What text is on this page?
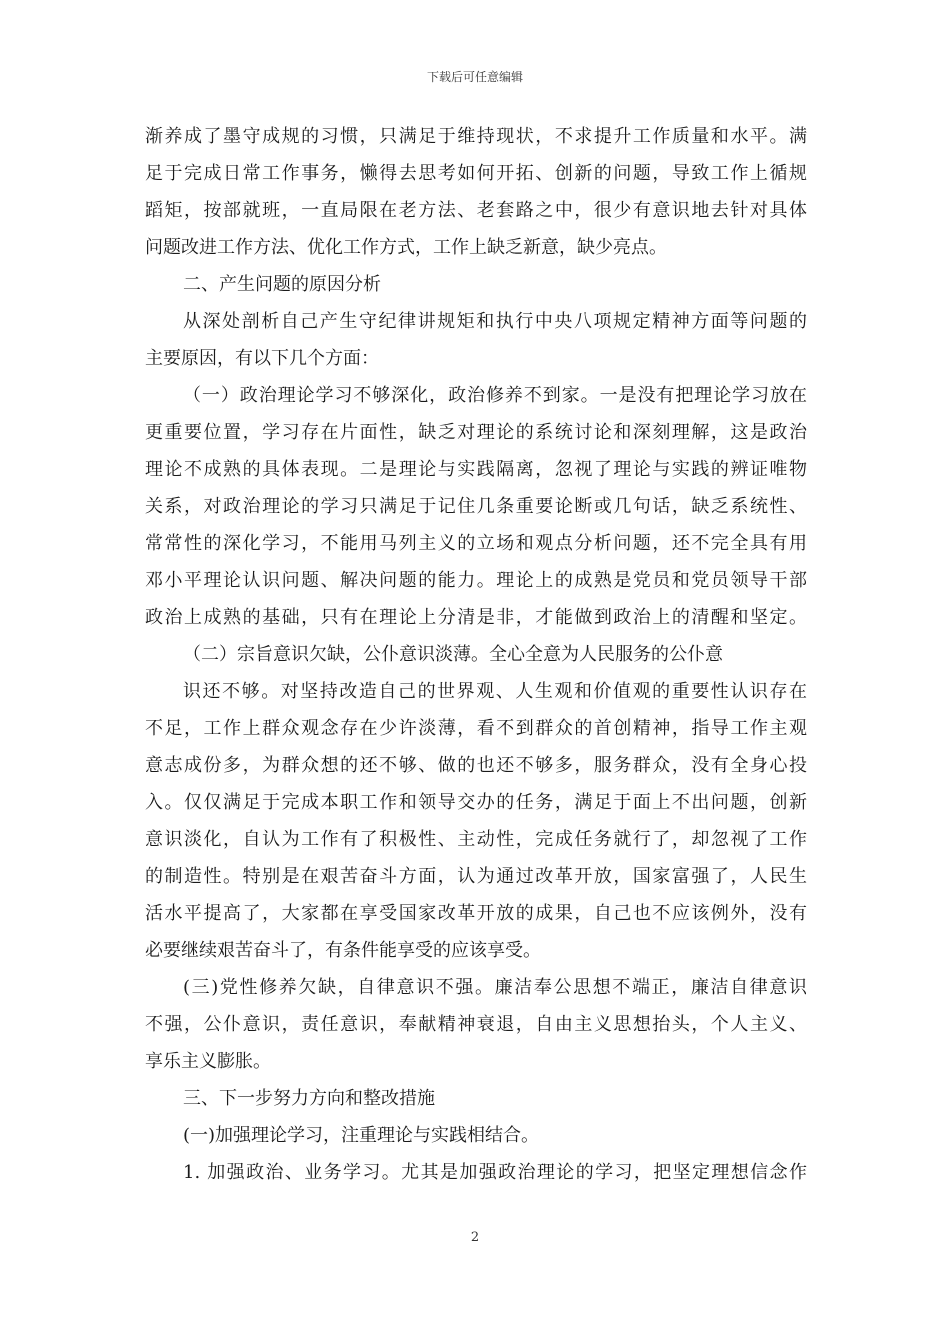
下载后可任意编辑
渐养成了墨守成规的习惯，只满足于维持现状，不求提升工作质量和水平。满
足于完成日常工作事务，懒得去思考如何开拓、创新的问题，导致工作上循规
蹈矩，按部就班，一直局限在老方法、老套路之中，很少有意识地去针对具体
问题改进工作方法、优化工作方式，工作上缺乏新意，缺少亮点。
二、产生问题的原因分析
从深处剖析自己产生守纪律讲规矩和执行中央八项规定精神方面等问题的
主要原因，有以下几个方面：
（一）政治理论学习不够深化，政治修养不到家。一是没有把理论学习放在
更重要位置，学习存在片面性，缺乏对理论的系统讨论和深刻理解，这是政治
理论不成熟的具体表现。二是理论与实践隔离，忽视了理论与实践的辨证唯物
关系，对政治理论的学习只满足于记住几条重要论断或几句话，缺乏系统性、
常常性的深化学习，不能用马列主义的立场和观点分析问题，还不完全具有用
邓小平理论认识问题、解决问题的能力。理论上的成熟是党员和党员领导干部
政治上成熟的基础，只有在理论上分清是非，才能做到政治上的清醒和坚定。
（二）宗旨意识欠缺，公仆意识淡薄。全心全意为人民服务的公仆意
识还不够。对坚持改造自己的世界观、人生观和价值观的重要性认识存在
不足，工作上群众观念存在少许淡薄，看不到群众的首创精神，指导工作主观
意志成份多，为群众想的还不够、做的也还不够多，服务群众，没有全身心投
入。仅仅满足于完成本职工作和领导交办的任务，满足于面上不出问题，创新
意识淡化，自认为工作有了积极性、主动性，完成任务就行了，却忽视了工作
的制造性。特别是在艰苦奋斗方面，认为通过改革开放，国家富强了，人民生
活水平提高了，大家都在享受国家改革开放的成果，自己也不应该例外，没有
必要继续艰苦奋斗了，有条件能享受的应该享受。
(三)党性修养欠缺，自律意识不强。廉洁奉公思想不端正，廉洁自律意识
不强，公仆意识，责任意识，奉献精神衰退，自由主义思想抬头，个人主义、
享乐主义膨胀。
三、下一步努力方向和整改措施
(一)加强理论学习，注重理论与实践相结合。
1. 加强政治、业务学习。尤其是加强政治理论的学习，把坚定理想信念作
2
